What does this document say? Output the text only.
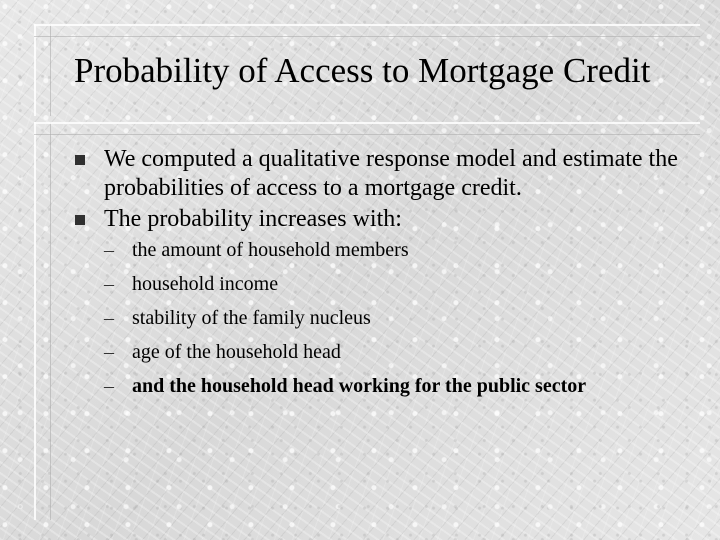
Probability of Access to Mortgage Credit
We computed a qualitative response model and estimate the probabilities of access to a mortgage credit.
The probability increases with:
– the amount of household members
– household income
– stability of the family nucleus
– age of the household head
– and the household head working for the public sector
